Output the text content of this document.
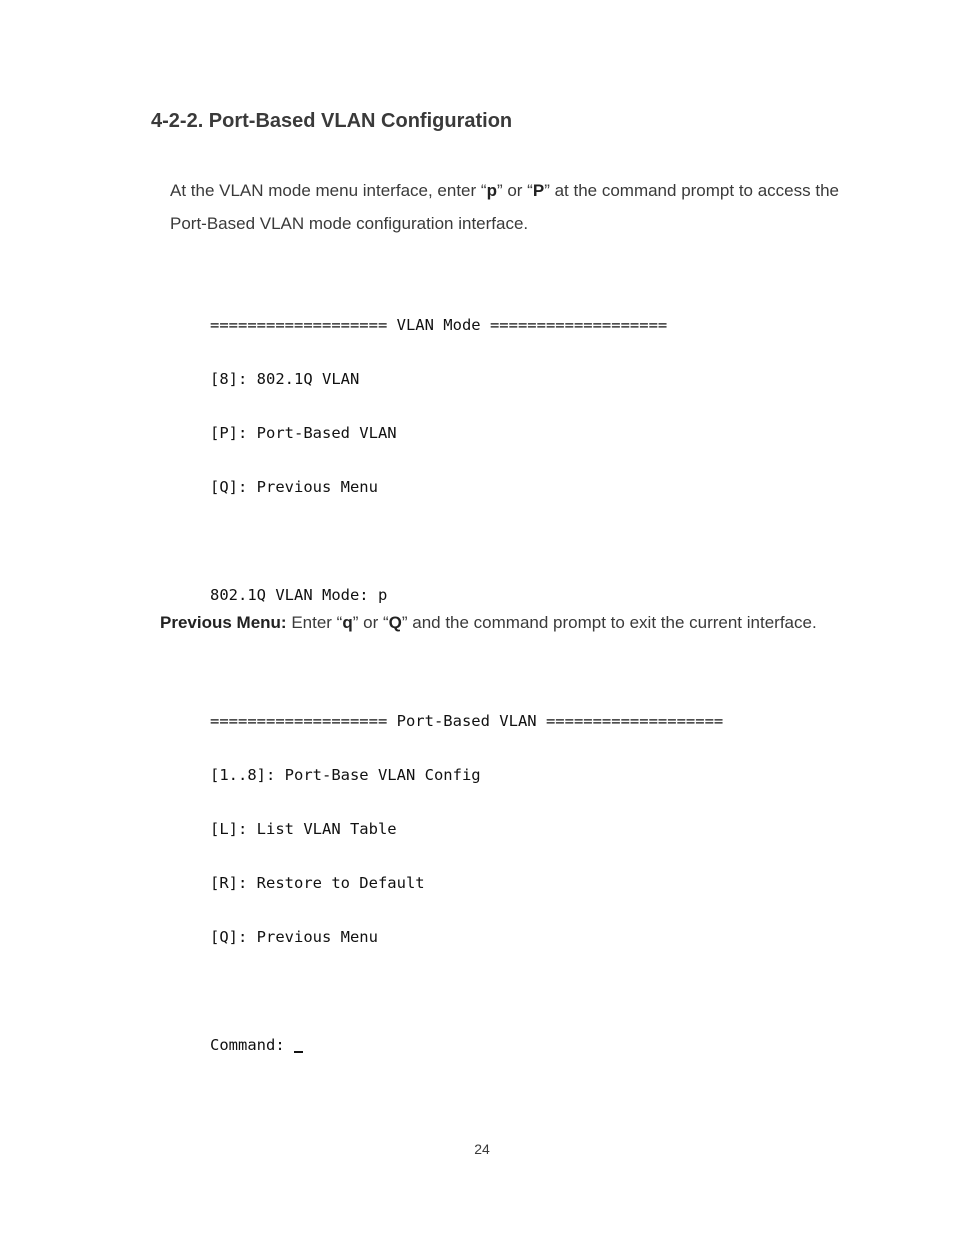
4-2-2. Port-Based VLAN Configuration

At the VLAN mode menu interface, enter “p” or “P” at the command prompt to access the Port-Based VLAN mode configuration interface.

=================== VLAN Mode ===================

[8]: 802.1Q VLAN

[P]: Port-Based VLAN

[Q]: Previous Menu

802.1Q VLAN Mode: p

=================== Port-Based VLAN ===================

[1..8]: Port-Base VLAN Config

[L]: List VLAN Table

[R]: Restore to Default

[Q]: Previous Menu

Command:

Previous Menu: Enter “q” or “Q” and the command prompt to exit the current interface.

24
